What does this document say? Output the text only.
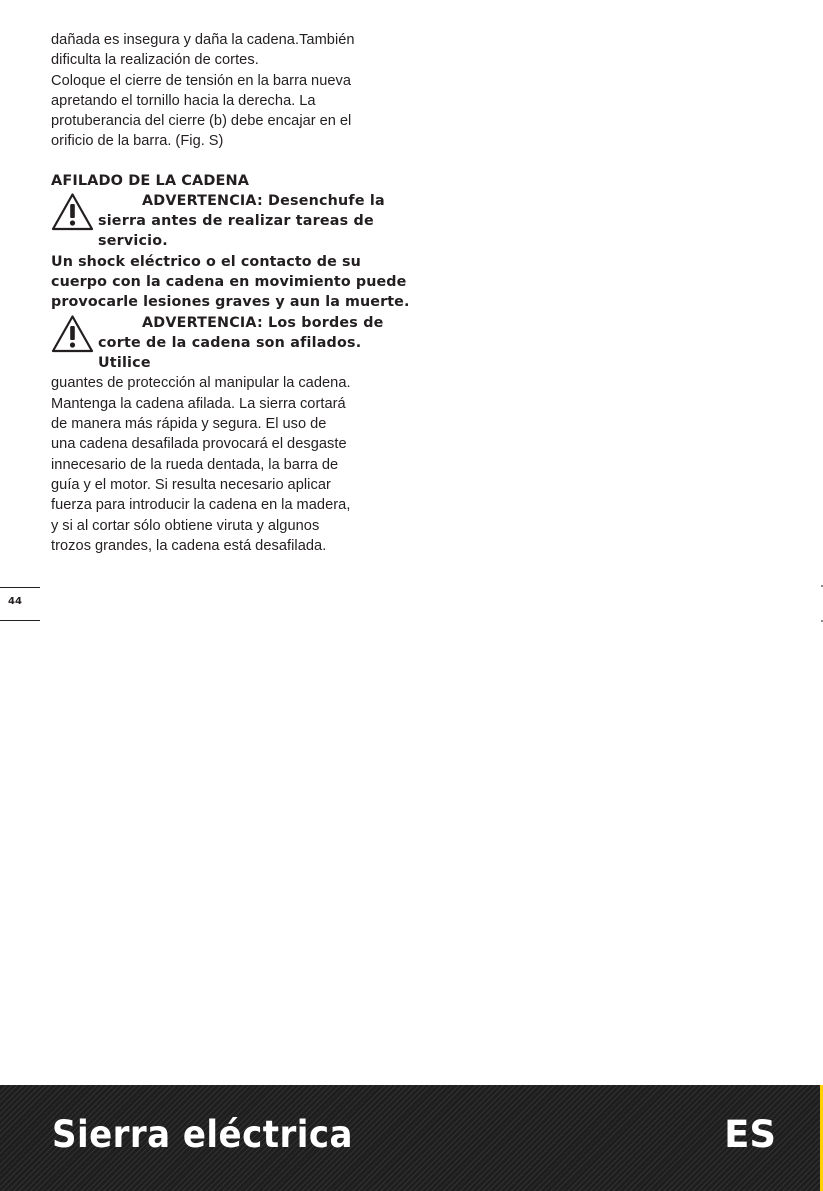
dañada es insegura y daña la cadena.También

dificulta la realización de cortes.

Coloque el cierre de tensión en la barra nueva

apretando el tornillo hacia la derecha. La

protuberancia del cierre (b) debe encajar en el

orificio de la barra. (Fig. S)

AFILADO DE LA CADENA

ADVERTENCIA: Desenchufe la sierra antes de realizar tareas de servicio.

Un shock eléctrico o el contacto de su cuerpo con la cadena en movimiento puede provocarle lesiones graves y aun la muerte.

ADVERTENCIA: Los bordes de corte de la cadena son afilados. Utilice

guantes de protección al manipular la cadena.

Mantenga la cadena afilada. La sierra cortará

de manera más rápida y segura. El uso de

una cadena desafilada provocará el desgaste

innecesario de la rueda dentada, la barra de

guía y el motor. Si resulta necesario aplicar

fuerza para introducir la cadena en la madera,

y si al cortar sólo obtiene viruta y algunos

trozos grandes, la cadena está desafilada.

44
Sierra eléctrica	ES
